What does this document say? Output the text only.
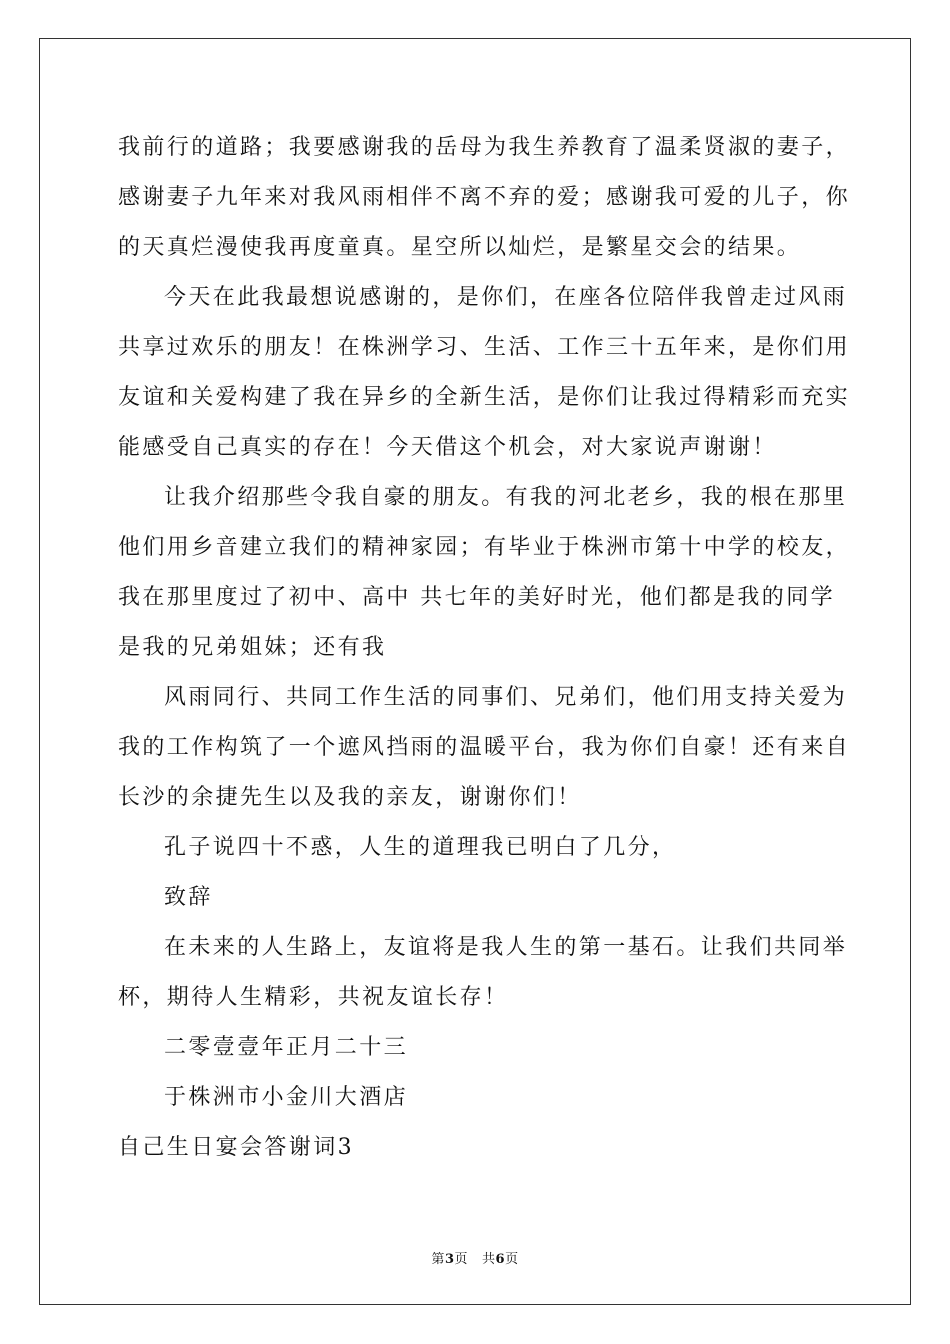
我前行的道路；我要感谢我的岳母为我生养教育了温柔贤淑的妻子，
感谢妻子九年来对我风雨相伴不离不弃的爱；感谢我可爱的儿子，你
的天真烂漫使我再度童真。星空所以灿烂，是繁星交会的结果。
今天在此我最想说感谢的，是你们，在座各位陪伴我曾走过风雨
共享过欢乐的朋友！在株洲学习、生活、工作三十五年来，是你们用
友谊和关爱构建了我在异乡的全新生活，是你们让我过得精彩而充实
能感受自己真实的存在！今天借这个机会，对大家说声谢谢！
让我介绍那些令我自豪的朋友。有我的河北老乡，我的根在那里
他们用乡音建立我们的精神家园；有毕业于株洲市第十中学的校友，
我在那里度过了初中、高中 共七年的美好时光，他们都是我的同学
是我的兄弟姐妹；还有我
风雨同行、共同工作生活的同事们、兄弟们，他们用支持关爱为
我的工作构筑了一个遮风挡雨的温暖平台，我为你们自豪！还有来自
长沙的余捷先生以及我的亲友，谢谢你们！
孔子说四十不惑，人生的道理我已明白了几分，
致辞
在未来的人生路上，友谊将是我人生的第一基石。让我们共同举
杯，期待人生精彩，共祝友谊长存！
二零壹壹年正月二十三
于株洲市小金川大酒店
自己生日宴会答谢词3
第3页 共6页
